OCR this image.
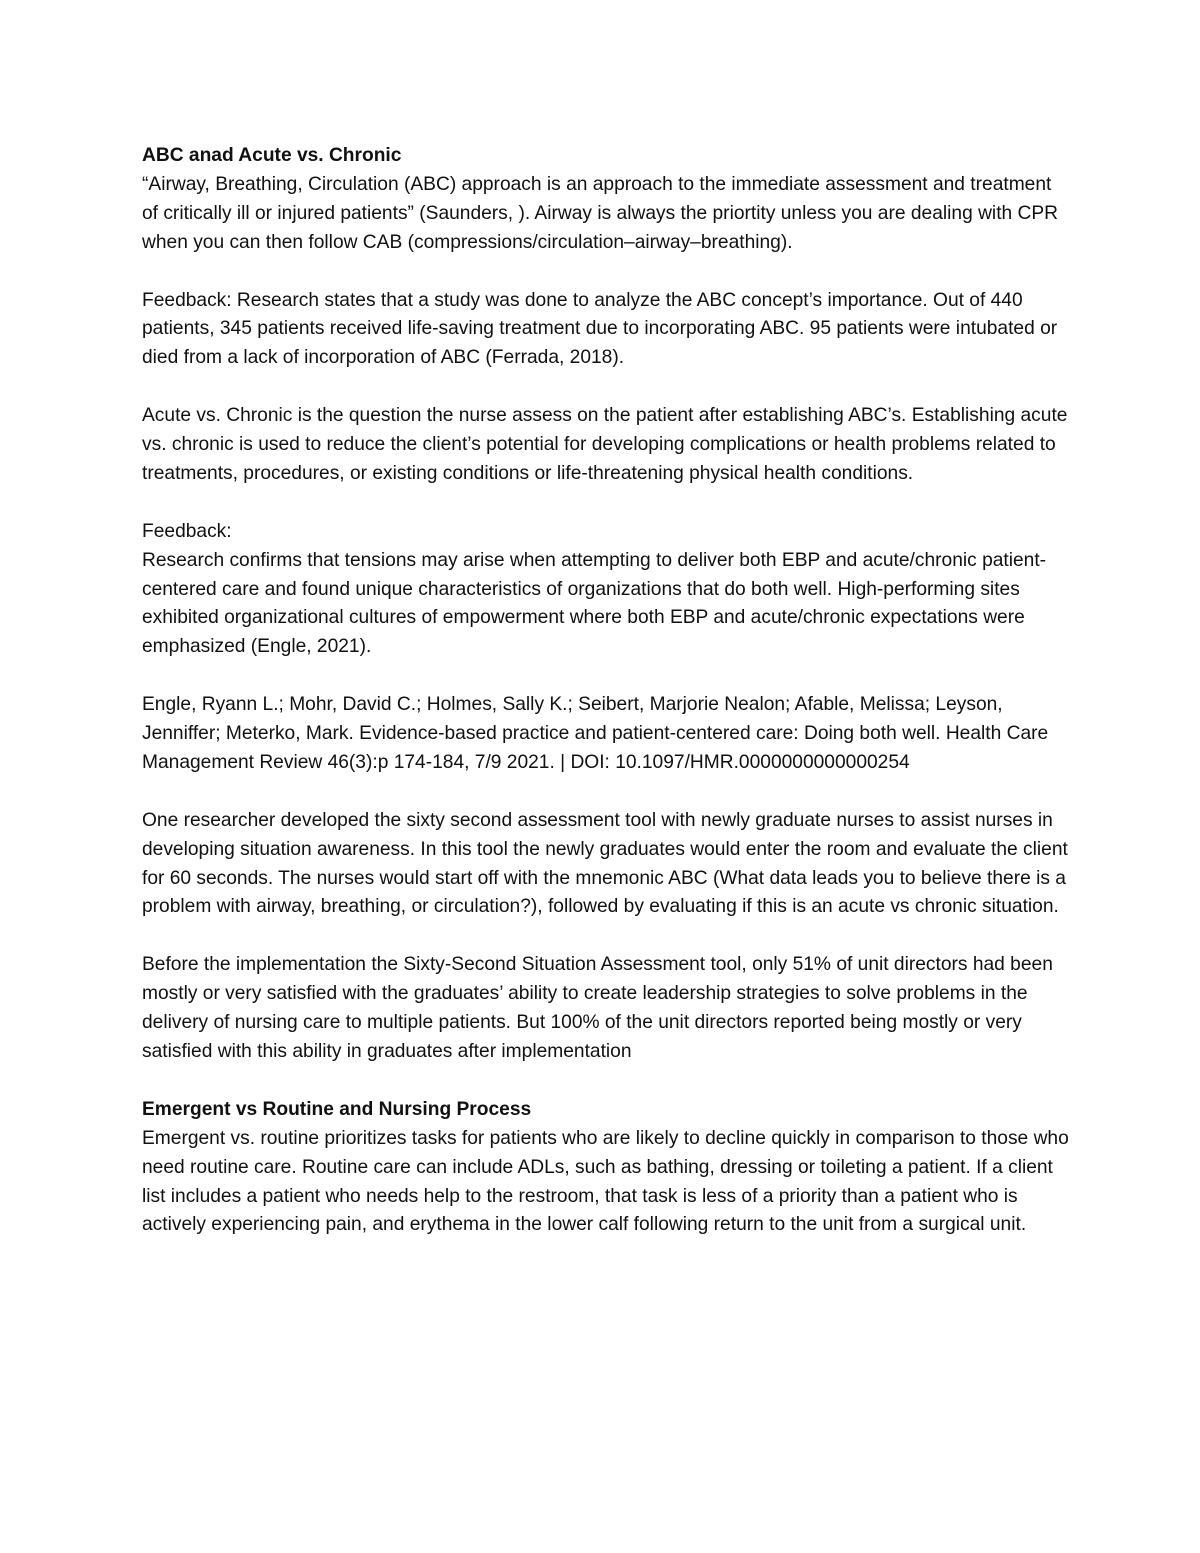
ABC anad Acute vs. Chronic
“Airway, Breathing, Circulation (ABC) approach is an approach to the immediate assessment and treatment of critically ill or injured patients” (Saunders, ). Airway is always the priortity unless you are dealing with CPR when you can then follow CAB (compressions/circulation–airway–breathing).

Feedback: Research states that a study was done to analyze the ABC concept’s importance. Out of 440 patients, 345 patients received life-saving treatment due to incorporating ABC. 95 patients were intubated or died from a lack of incorporation of ABC (Ferrada, 2018).

Acute vs. Chronic is the question the nurse assess on the patient after establishing ABC’s. Establishing acute vs. chronic is used to reduce the client’s potential for developing complications or health problems related to treatments, procedures, or existing conditions or life-threatening physical health conditions.

Feedback:
Research confirms that tensions may arise when attempting to deliver both EBP and acute/chronic patient-centered care and found unique characteristics of organizations that do both well. High-performing sites exhibited organizational cultures of empowerment where both EBP and acute/chronic expectations were emphasized (Engle, 2021).

Engle, Ryann L.; Mohr, David C.; Holmes, Sally K.; Seibert, Marjorie Nealon; Afable, Melissa; Leyson, Jenniffer; Meterko, Mark. Evidence-based practice and patient-centered care: Doing both well. Health Care Management Review 46(3):p 174-184, 7/9 2021. | DOI: 10.1097/HMR.0000000000000254

One researcher developed the sixty second assessment tool with newly graduate nurses to assist nurses in developing situation awareness. In this tool the newly graduates would enter the room and evaluate the client for 60 seconds. The nurses would start off with the mnemonic ABC (What data leads you to believe there is a problem with airway, breathing, or circulation?), followed by evaluating if this is an acute vs chronic situation.

Before the implementation the Sixty-Second Situation Assessment tool, only 51% of unit directors had been mostly or very satisfied with the graduates’ ability to create leadership strategies to solve problems in the delivery of nursing care to multiple patients. But 100% of the unit directors reported being mostly or very satisfied with this ability in graduates after implementation

Emergent vs Routine and Nursing Process
Emergent vs. routine prioritizes tasks for patients who are likely to decline quickly in comparison to those who need routine care. Routine care can include ADLs, such as bathing, dressing or toileting a patient. If a client list includes a patient who needs help to the restroom, that task is less of a priority than a patient who is actively experiencing pain, and erythema in the lower calf following return to the unit from a surgical unit.
